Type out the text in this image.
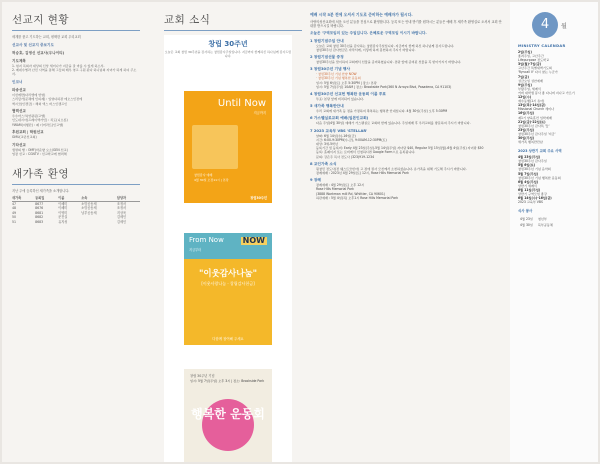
선교지 현황
세계를 품고 기도하는 교회, 평택한 교회 우리교회
선교사 및 선교지 중보기도
허승호, 김영신 선교사(우나이티)
기도제목
1. 현지 목회자 대상의 신앙 세미나가 지금을 잘 마를 수 있게 하소서.
2. 베네수엘라 난민 사역을 통해 그들의 배우 영고 구원 된다 하나님의 자녀가 되게 하여 주소서.
인코너
파송선교
이선에반(다리엔에 연영)
스리랑카(문채에 인피제) : 입영다하관 에오스인전에
엑시코(인캔금) : 해외 엑스 버스인캠프인
협력선교
우수마스크(연평된/고엘)
인도네시아(프레이엑카인) : 치도(니오름)
YWAM(여행단) : 페 너머라트(인고엘)
후원교회 | 학원선교
GMU(교단선교회)
기타선교
생명의 빵 : OMF(싸운향 요소/GEN 선교)
업장 선교 : CGNTV : 선교학교에 협력해
새가족 환영
지난 주에 등록하신 새가족을 소개합니다.
새가족	등록일	이름	소속	담당자
47	8677	이혜미	소망공동체	조정서
48	8676	이혜미	소망공동체	조정서
49	8681	이영미	남부공동체	지상욱
50	8682	문진실		김세인
51	8683	유지성		김세인
교회 소식
창립 30주년
오늘은 교회 창립 30주년을 감사하는 창립감사주일입니다. 지금까지 함께하신 하나님께 감사드립니다.
Until Now
지금까지
창립감사 예배
4월 30일 오전11시 | 본당
창립30주년
From Now NOW
지금부터
"이웃감사나눔"
[이웃사랑나눔 · 창립감사헌금]
다함께 참여해 주세요
창립 30주년 기념
일시: 5월 7일(주일) 오후 3시 | 장소: Brookside Park
행복한 운동회
예배 시작 5분 전에 오셔서 기도로 준비하는 예배자가 됩시다.
사랑의성산교회에 처음 오신 분들을 진심으로 환영합니다. 등록 또는 안내 받기를 원하시는 분들은 예배 후 새가족 환영실로 오셔서 교회 안내를 받으시길 바랍니다.
오늘은 '구역모임의 있는 주일입니다. 은혜로운 구역모임 이시기 바랍니다.
1 창립기념주일 안내
오늘은 교회 창립 30주년을 감사하는 창립감사주일입니다. 지금까지 함께 하신 하나님께 감사드립니다.
창립30주년 감사헌금은 자작서에, 이렇게 하며 봉헌하여 주시기 바랍니다.
2 창립기념선물 증정
창립30주년을 맞이하여 교회에서 선물을 준비하였습니다. 본당 앞에 준비된 선물을 꼭 받아가시기 바랍니다.
3 창립30주년 기념 행사
· 창립30주년 기념 찬양 NOW
· 창립30주년 기념 행복한 운동회
일시: 5월 6일(토) 오후 5:30PM | 장소: 본당
일시: 5월 7일(주일) 10AM | 장소: Brookside Park(360 N Arroyo Blvd, Pasadena, CA 91103)
4 창립30주년 선교헌 행복한 운동회 이름 투표
투표: 본당 앞에 비치되어 있습니다.
5 새가족 행복반안내
우리 교회에 새가족 등 정을 가정하여 축복하는 행복반 안내입니다. 4월 30일(주일) 오후 5:30PM
6 가스펠실로교회 예배(일본인교회)
다음 주일(4월 30일) 예배가 가스펠실로 교회와 함께 있습니다. 주일예배 후 우리교회를 방문하여 주시기 바랍니다.
7 2023 교육부 VBS 'STELLAR'
날짜: 6월 14일(수)-16일(금)
시간: 6:00-9:30PM(수-금), 9:00AM-12:30PM(토)
대상: 3세-5학년
등록기간 및 등록비: Early 4월 23일(주일)-5월 14일(주일) 자녀당 $40, Regular 5월 15일(월)-6월 4일(주일) 자녀당 $50
등록: 홈페이지 또는 로비에서 신청하시면 Google Form으로 등록됩니다.
문의: 강은주 목사 전도사 (323)919-1234
8 교인가족 소식
원창민 전도사(전 웨스트코빈아) 고 정애 권사 모친께서 소천하셨습니다. 유가족을 위해 기도해 주시기 바랍니다.
장례예배 : 2023년 4월 29일(토) 12시, Rose Hills Memorial Park
9 장례
장례예배 : 4월 29일(토) 오후 12시
Rose Hills Memorial Park
(3888 Workman mill Rd, Whittier, CA 90601)
하관예배 : 5월 4일(목) 오후1시 Rose Hills Memorial Park
4	월
MINISTRY CALENDAR
2일(주일)
종려주일, 고난주간
Lifepurpose 전도학교
3일(월)-7일(금)
고난주간 특별새벽기도회
'Ryncall V' 다시 찾는 누군가
7일(금)
성금요일 성찬예배
9일(주일)
부활주일, 세례식
커버 대학생 봉사 종 다니며 지나고 가르기
12일(수)
예수동행(1시 유아)
13일(목)-14일(금)
Missional Church 세미나
16일(주일)
제1기 양육훈련 입학예배
21일(금)-22일(토)
창립30주년 감사특 '들'
23일(주일)
창립30주년 감사주일 '지금'
30일(주일)
세가족 행복반만남
2023 상반기 교회 주요 사역
4월 23일(주일)
창립30주년 감사주일
5월 6일(토)
창립30주년 기념 음악회
5월 7일(주일)
창립30주년 기념 행복한 운동회
6월 4일(주일)
상반기 세례식
6월 11일(주일)
상반기 구역모임 종강
6월 14일(수)-16일(금)
2023 교육부 VBS
식사 봉사
4월 23일	청년부
4월 30일	북부공동체
